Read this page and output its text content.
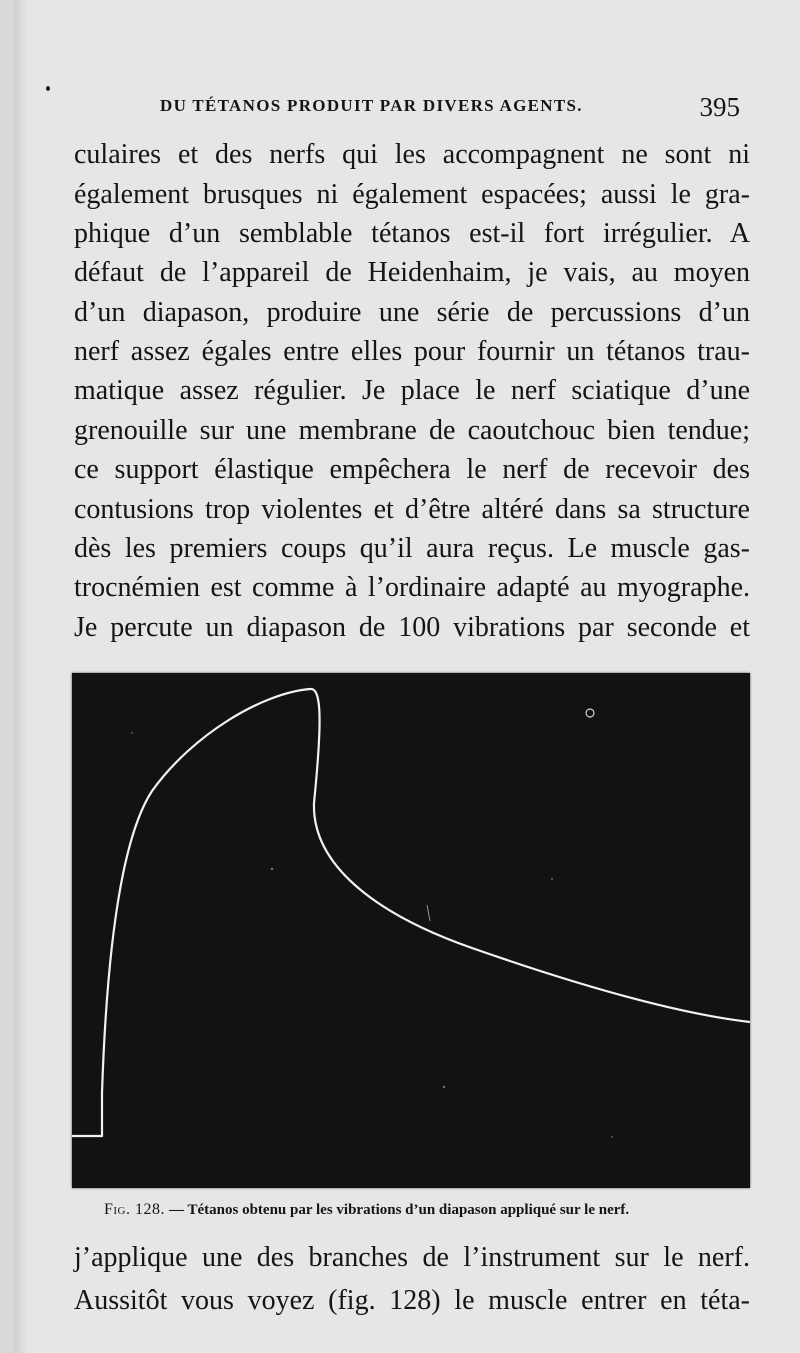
DU TÉTANOS PRODUIT PAR DIVERS AGENTS.	395
culaires et des nerfs qui les accompagnent ne sont ni
également brusques ni également espacées; aussi le gra-
phique d’un semblable tétanos est-il fort irrégulier. A
défaut de l’appareil de Heidenhaim, je vais, au moyen
d’un diapason, produire une série de percussions d’un
nerf assez égales entre elles pour fournir un tétanos trau-
matique assez régulier. Je place le nerf sciatique d’une
grenouille sur une membrane de caoutchouc bien tendue;
ce support élastique empêchera le nerf de recevoir des
contusions trop violentes et d’être altéré dans sa structure
dès les premiers coups qu’il aura reçus. Le muscle gas-
trocnémien est comme à l’ordinaire adapté au myographe.
Je percute un diapason de 100 vibrations par seconde et
Fig. 128. — Tétanos obtenu par les vibrations d’un diapason appliqué sur le nerf.
j’applique une des branches de l’instrument sur le nerf.
Aussitôt vous voyez (fig. 128) le muscle entrer en téta-
